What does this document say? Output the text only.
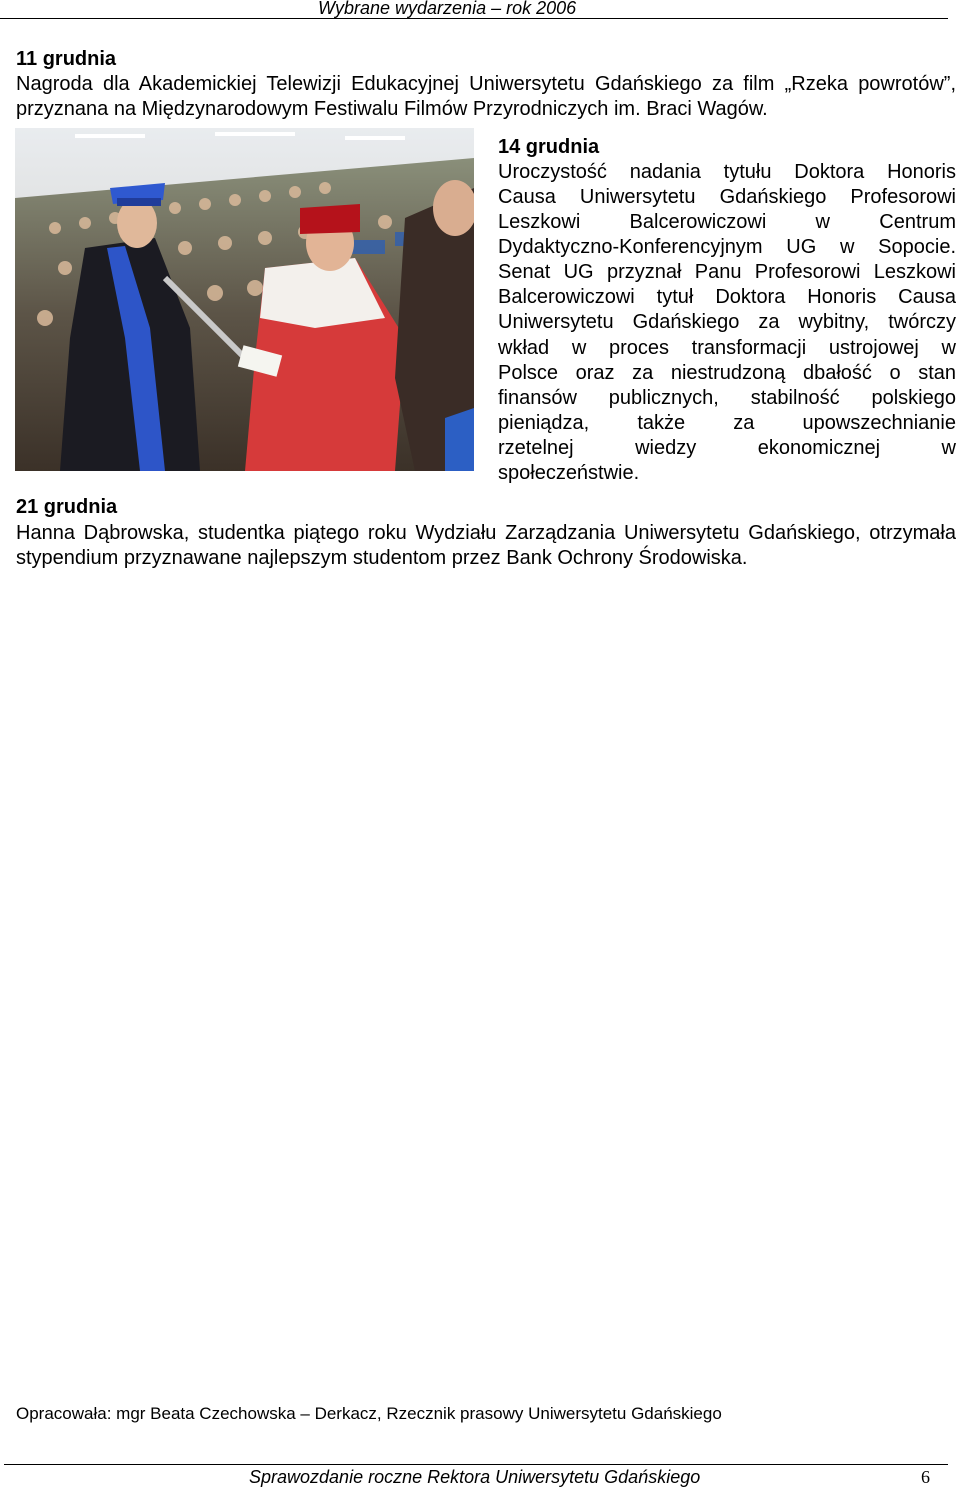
Wybrane wydarzenia – rok 2006
11 grudnia
Nagroda dla Akademickiej Telewizji Edukacyjnej Uniwersytetu Gdańskiego za film „Rzeka powrotów”, przyznana na Międzynarodowym Festiwalu Filmów Przyrodniczych im. Braci Wagów.
14 grudnia
Uroczystość nadania tytułu Doktora Honoris
Causa Uniwersytetu Gdańskiego Profesorowi
Leszkowi Balcerowiczowi w Centrum
Dydaktyczno-Konferencyjnym UG w Sopocie.
Senat UG przyznał Panu Profesorowi Leszkowi
Balcerowiczowi tytuł Doktora Honoris Causa
Uniwersytetu Gdańskiego za wybitny, twórczy
wkład w proces transformacji ustrojowej w
Polsce oraz za niestrudzoną dbałość o stan
finansów publicznych, stabilność polskiego
pieniądza, także za upowszechnianie
rzetelnej wiedzy ekonomicznej w
społeczeństwie.
21 grudnia
Hanna Dąbrowska, studentka piątego roku Wydziału Zarządzania Uniwersytetu Gdańskiego, otrzymała stypendium przyznawane najlepszym studentom przez Bank Ochrony Środowiska.
Opracowała: mgr Beata Czechowska – Derkacz, Rzecznik prasowy Uniwersytetu Gdańskiego
Sprawozdanie roczne Rektora Uniwersytetu Gdańskiego	6
